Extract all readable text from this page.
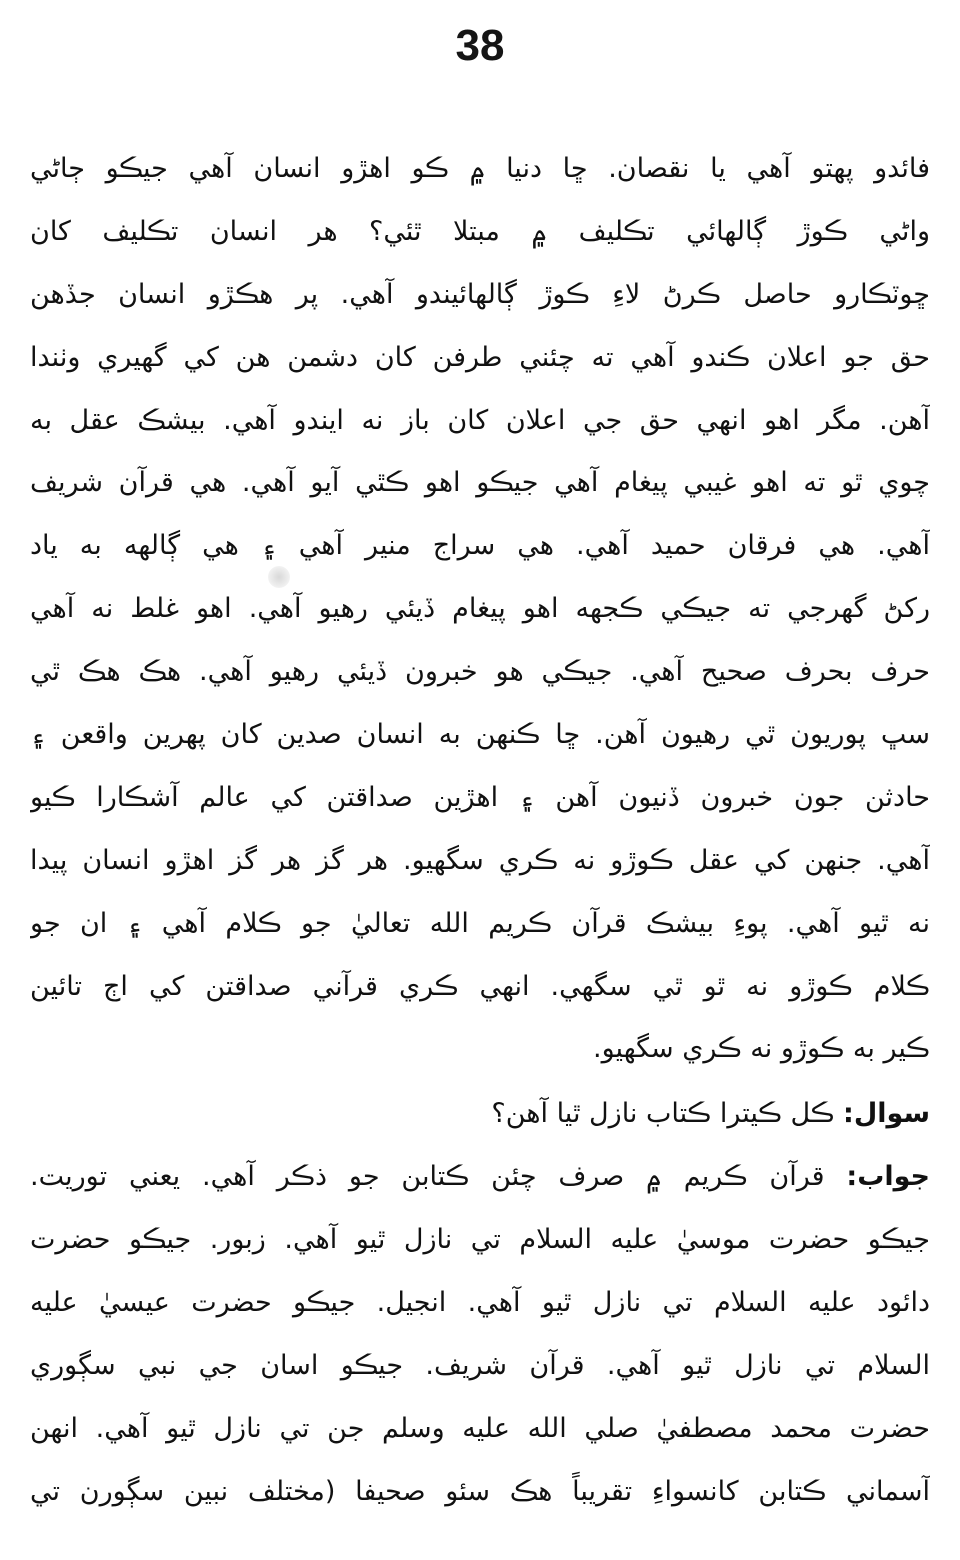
38
فائدو پهتو آهي يا نقصان. ڇا دنيا ۾ ڪو اهڙو انسان آهي جيڪو ڄاڻي
واڻي ڪوڙ ڳالهائي تڪليف ۾ مبتلا ٿئي؟ هر انسان تڪليف کان
ڇوٽڪارو حاصل ڪرڻ لاءِ ڪوڙ ڳالهائيندو آهي. پر هڪڙو انسان جڏهن
حق جو اعلان ڪندو آهي ته چئني طرفن کان دشمن هن کي گهيري وٺندا
آهن. مگر اهو انهي حق جي اعلان کان باز نه ايندو آهي. بيشڪ عقل به
چوي ٿو ته اهو غيبي پيغام آهي جيڪو اهو ڪٿي آيو آهي. هي قرآن شريف
آهي. هي فرقان حميد آهي. هي سراج منير آهي ۽ هي ڳالهه به ياد
رکڻ گهرجي ته جيڪي ڪجهه اهو پيغام ڏيئي رهيو آهي. اهو غلط نه آهي
حرف بحرف صحيح آهي. جيڪي هو خبرون ڏيئي رهيو آهي. هڪ هڪ ٿي
سڀ پوريون ٿي رهيون آهن. ڇا ڪنهن به انسان صدين کان پهرين واقعن ۽
حادثن جون خبرون ڏنيون آهن ۽ اهڙين صداقتن کي عالم آشڪارا ڪيو
آهي. جنهن کي عقل ڪوڙو نه ڪري سگهيو. هر گز هر گز اهڙو انسان پيدا
نه ٿيو آهي. پوءِ بيشڪ قرآن ڪريم الله تعاليٰ جو ڪلام آهي ۽ ان جو
ڪلام ڪوڙو نه ٿو ٿي سگهي. انهي ڪري قرآني صداقتن کي اڄ تائين
ڪير به ڪوڙو نه ڪري سگهيو.
سوال: ڪل ڪيترا ڪتاب نازل ٿيا آهن؟
جواب: قرآن ڪريم ۾ صرف چئن ڪتابن جو ذڪر آهي. يعني توريت.
جيڪو حضرت موسيٰ عليه السلام تي نازل ٿيو آهي. زبور. جيڪو حضرت
دائود عليه السلام تي نازل ٿيو آهي. انجيل. جيڪو حضرت عيسيٰ عليه
السلام تي نازل ٿيو آهي. قرآن شريف. جيڪو اسان جي نبي سڳوري
حضرت محمد مصطفيٰ صلي الله عليه وسلم جن تي نازل ٿيو آهي. انهن
آسماني ڪتابن کانسواءِ تقريباً هڪ سئو صحيفا (مختلف نبين سڳورن تي
